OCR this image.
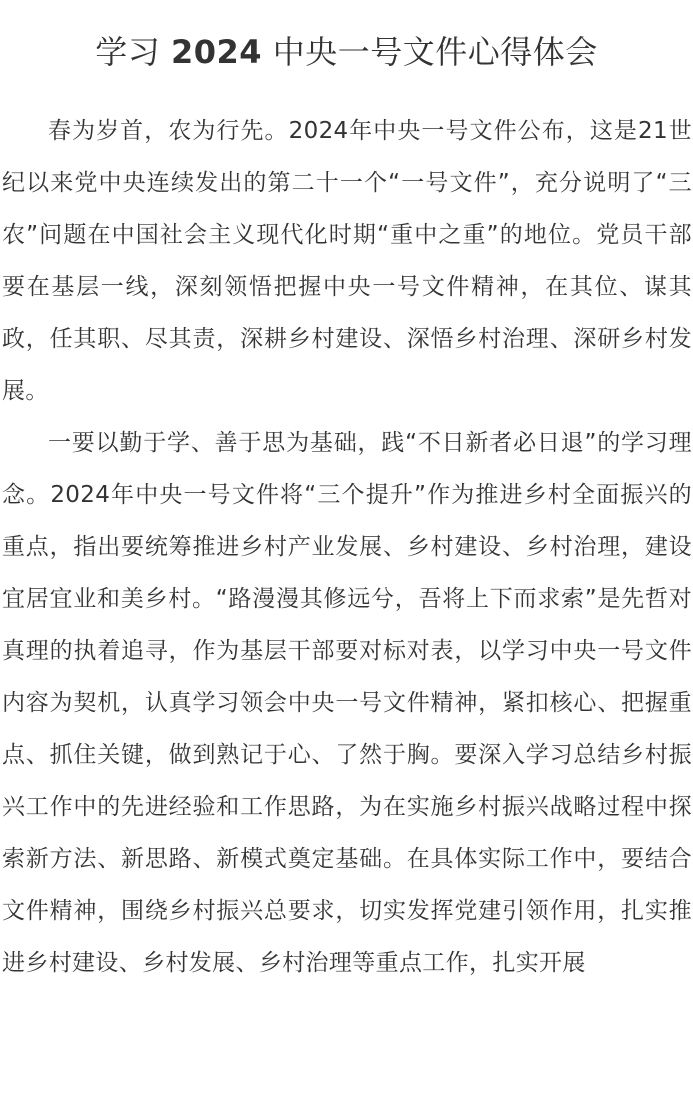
学习 2024 中央一号文件心得体会

春为岁首，农为行先。2024年中央一号文件公布，这是21世纪以来党中央连续发出的第二十一个“一号文件”，充分说明了“三农”问题在中国社会主义现代化时期“重中之重”的地位。党员干部要在基层一线，深刻领悟把握中央一号文件精神，在其位、谋其政，任其职、尽其责，深耕乡村建设、深悟乡村治理、深研乡村发展。

一要以勤于学、善于思为基础，践“不日新者必日退”的学习理念。2024年中央一号文件将“三个提升”作为推进乡村全面振兴的重点，指出要统筹推进乡村产业发展、乡村建设、乡村治理，建设宜居宜业和美乡村。“路漫漫其修远兮，吾将上下而求索”是先哲对真理的执着追寻，作为基层干部要对标对表，以学习中央一号文件内容为契机，认真学习领会中央一号文件精神，紧扣核心、把握重点、抓住关键，做到熟记于心、了然于胸。要深入学习总结乡村振兴工作中的先进经验和工作思路，为在实施乡村振兴战略过程中探索新方法、新思路、新模式奠定基础。在具体实际工作中，要结合文件精神，围绕乡村振兴总要求，切实发挥党建引领作用，扎实推进乡村建设、乡村发展、乡村治理等重点工作，扎实开展
